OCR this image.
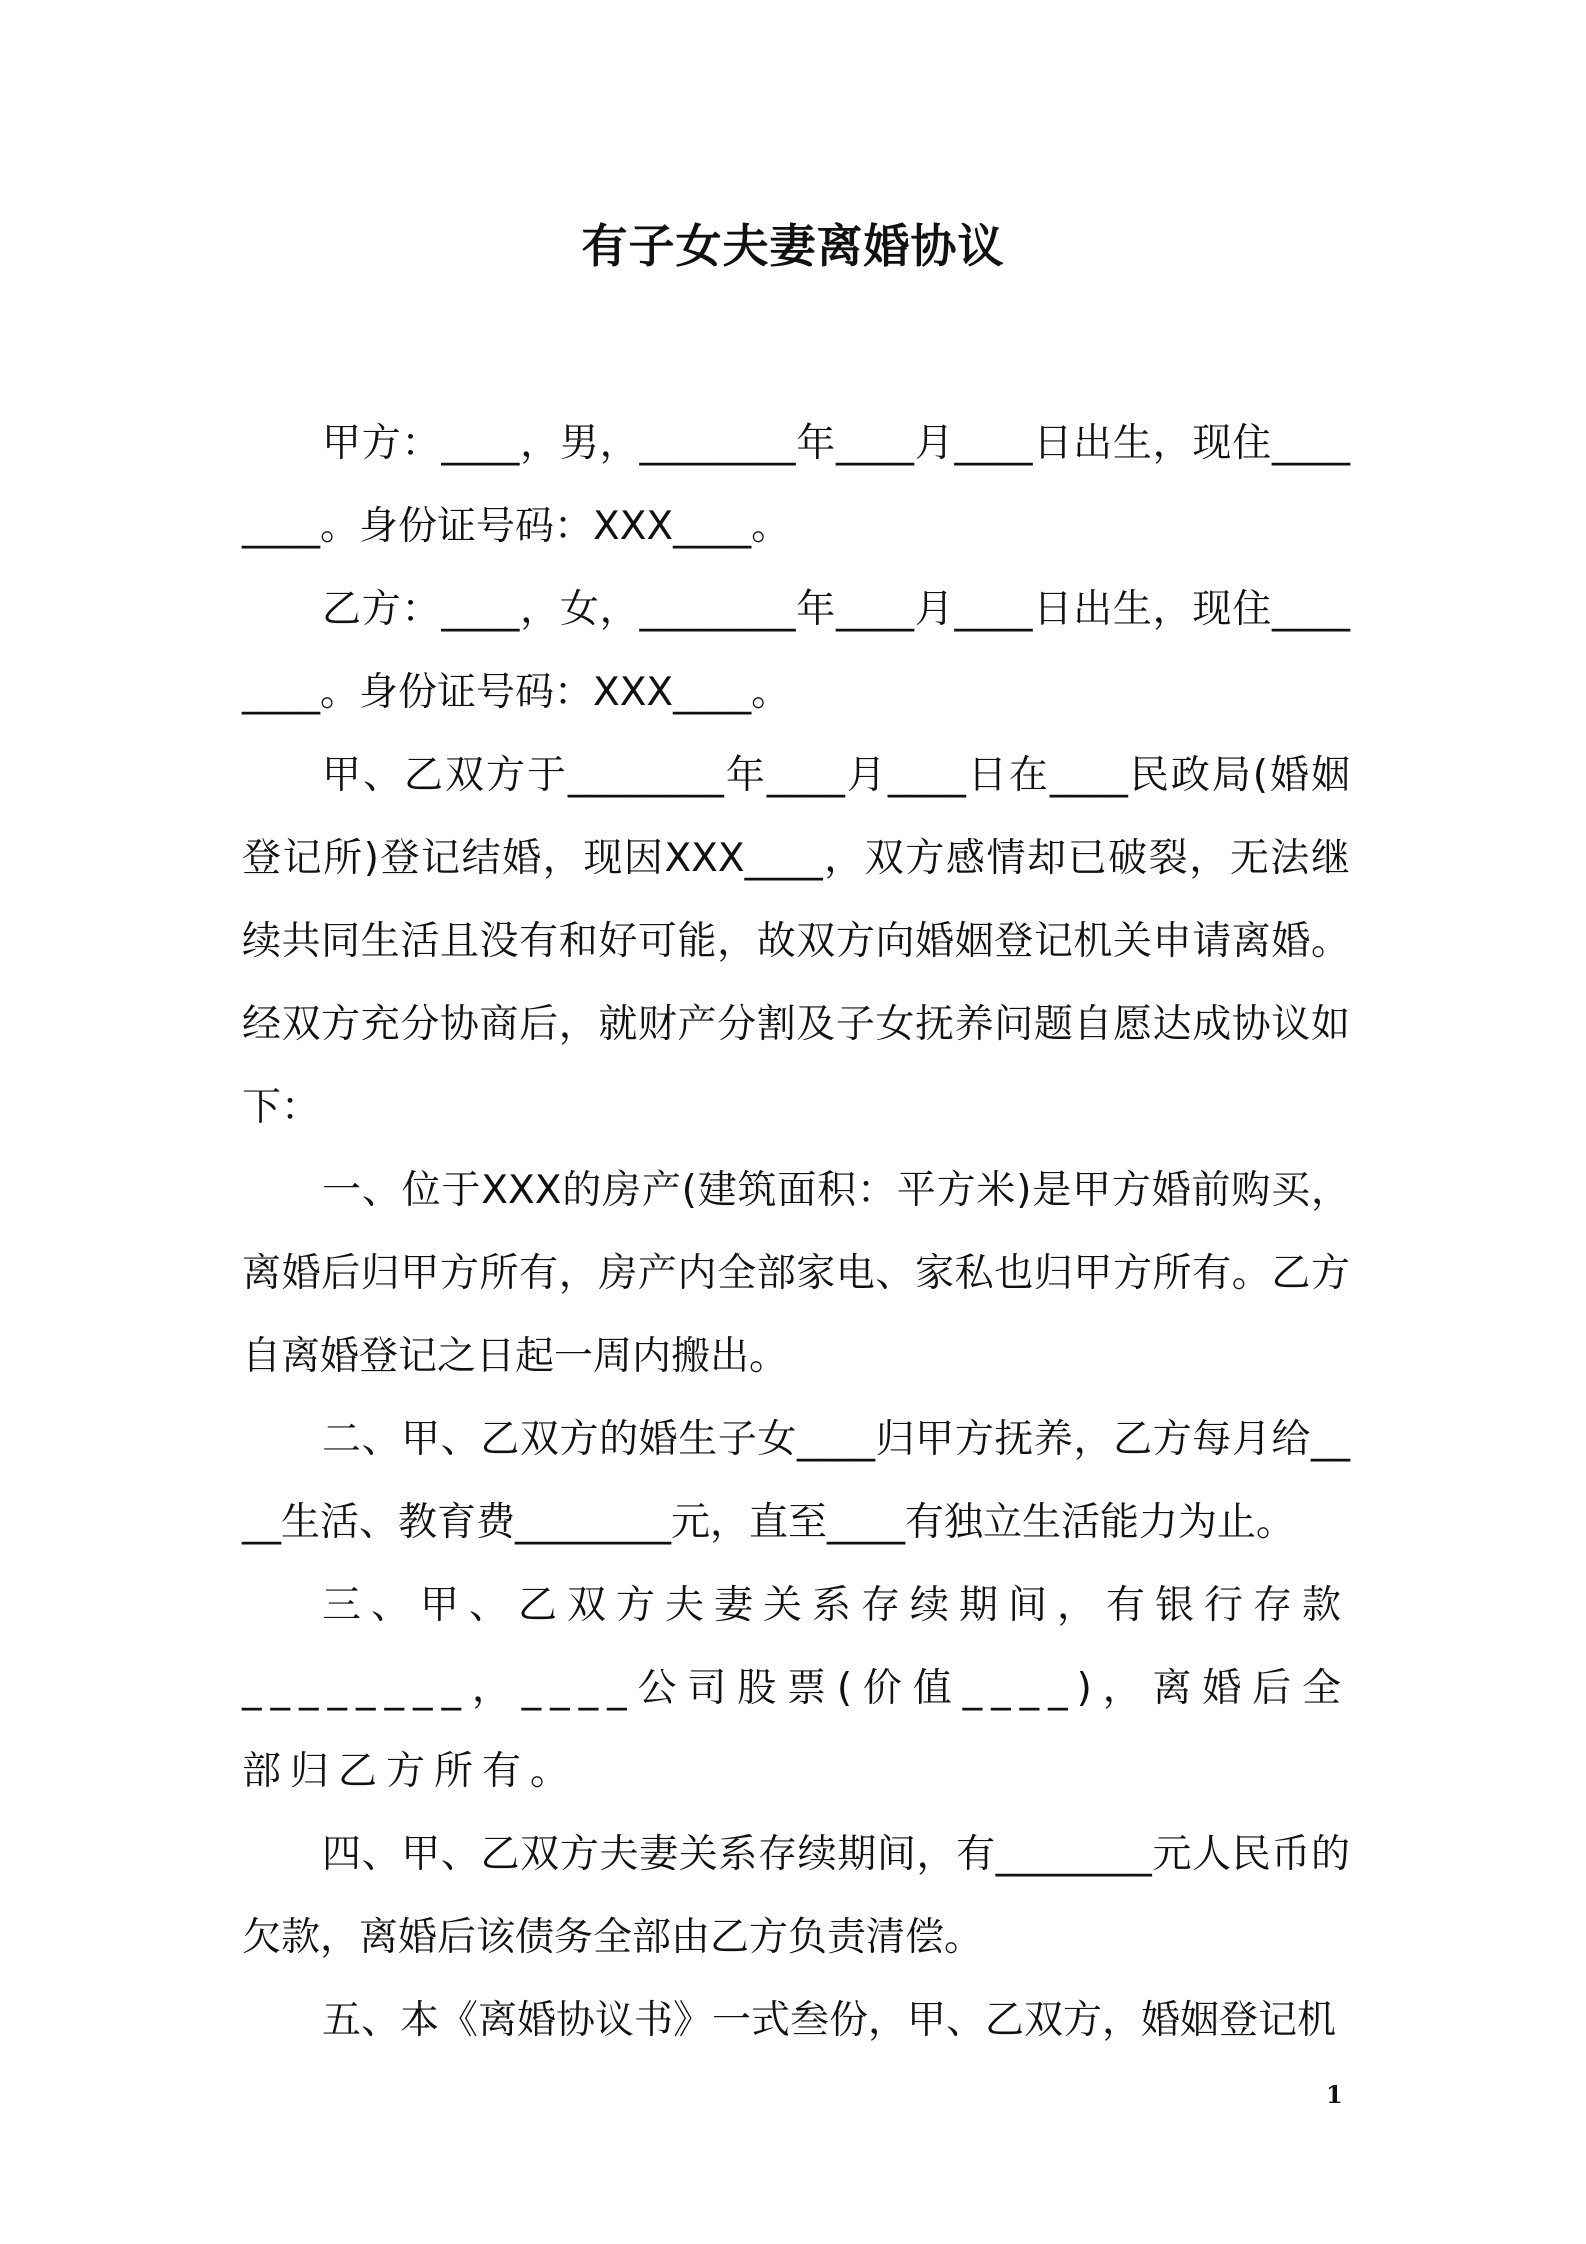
有子女夫妻离婚协议

甲方：____，男，________年____月____日出生，现住________。身份证号码：XXX____。

乙方：____，女，________年____月____日出生，现住________。身份证号码：XXX____。

甲、乙双方于________年____月____日在____民政局(婚姻登记所)登记结婚，现因XXX____，双方感情却已破裂，无法继续共同生活且没有和好可能，故双方向婚姻登记机关申请离婚。经双方充分协商后，就财产分割及子女抚养问题自愿达成协议如下：

一、位于XXX的房产(建筑面积：平方米)是甲方婚前购买，离婚后归甲方所有，房产内全部家电、家私也归甲方所有。乙方自离婚登记之日起一周内搬出。

二、甲、乙双方的婚生子女____归甲方抚养，乙方每月给____生活、教育费________元，直至____有独立生活能力为止。

三、甲、乙双方夫妻关系存续期间，有银行存款________，____公司股票(价值____)，离婚后全部归乙方所有。

四、甲、乙双方夫妻关系存续期间，有________元人民币的欠款，离婚后该债务全部由乙方负责清偿。

五、本《离婚协议书》一式叁份，甲、乙双方，婚姻登记机

1
